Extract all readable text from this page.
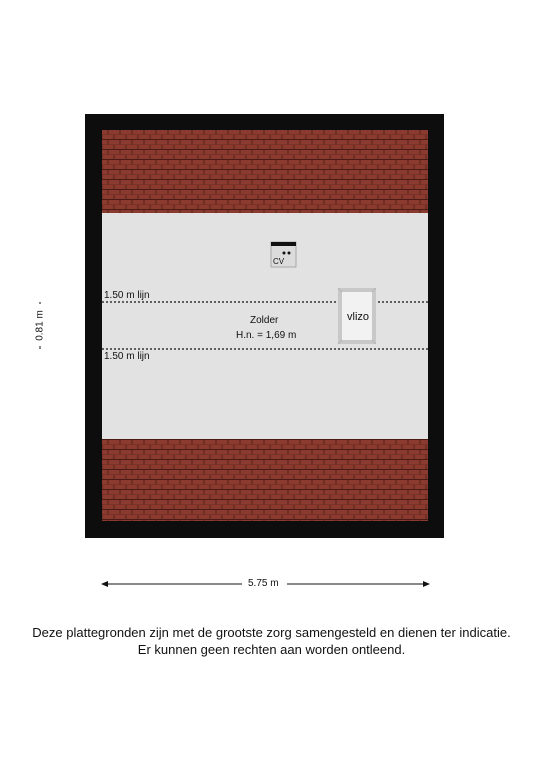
1.50 m lijn
1.50 m lijn
Zolder
H.n. = 1,69 m
vlizo
CV
5.75 m
0.81 m
Deze plattegronden zijn met de grootste zorg samengesteld en dienen ter indicatie.
Er kunnen geen rechten aan worden ontleend.
